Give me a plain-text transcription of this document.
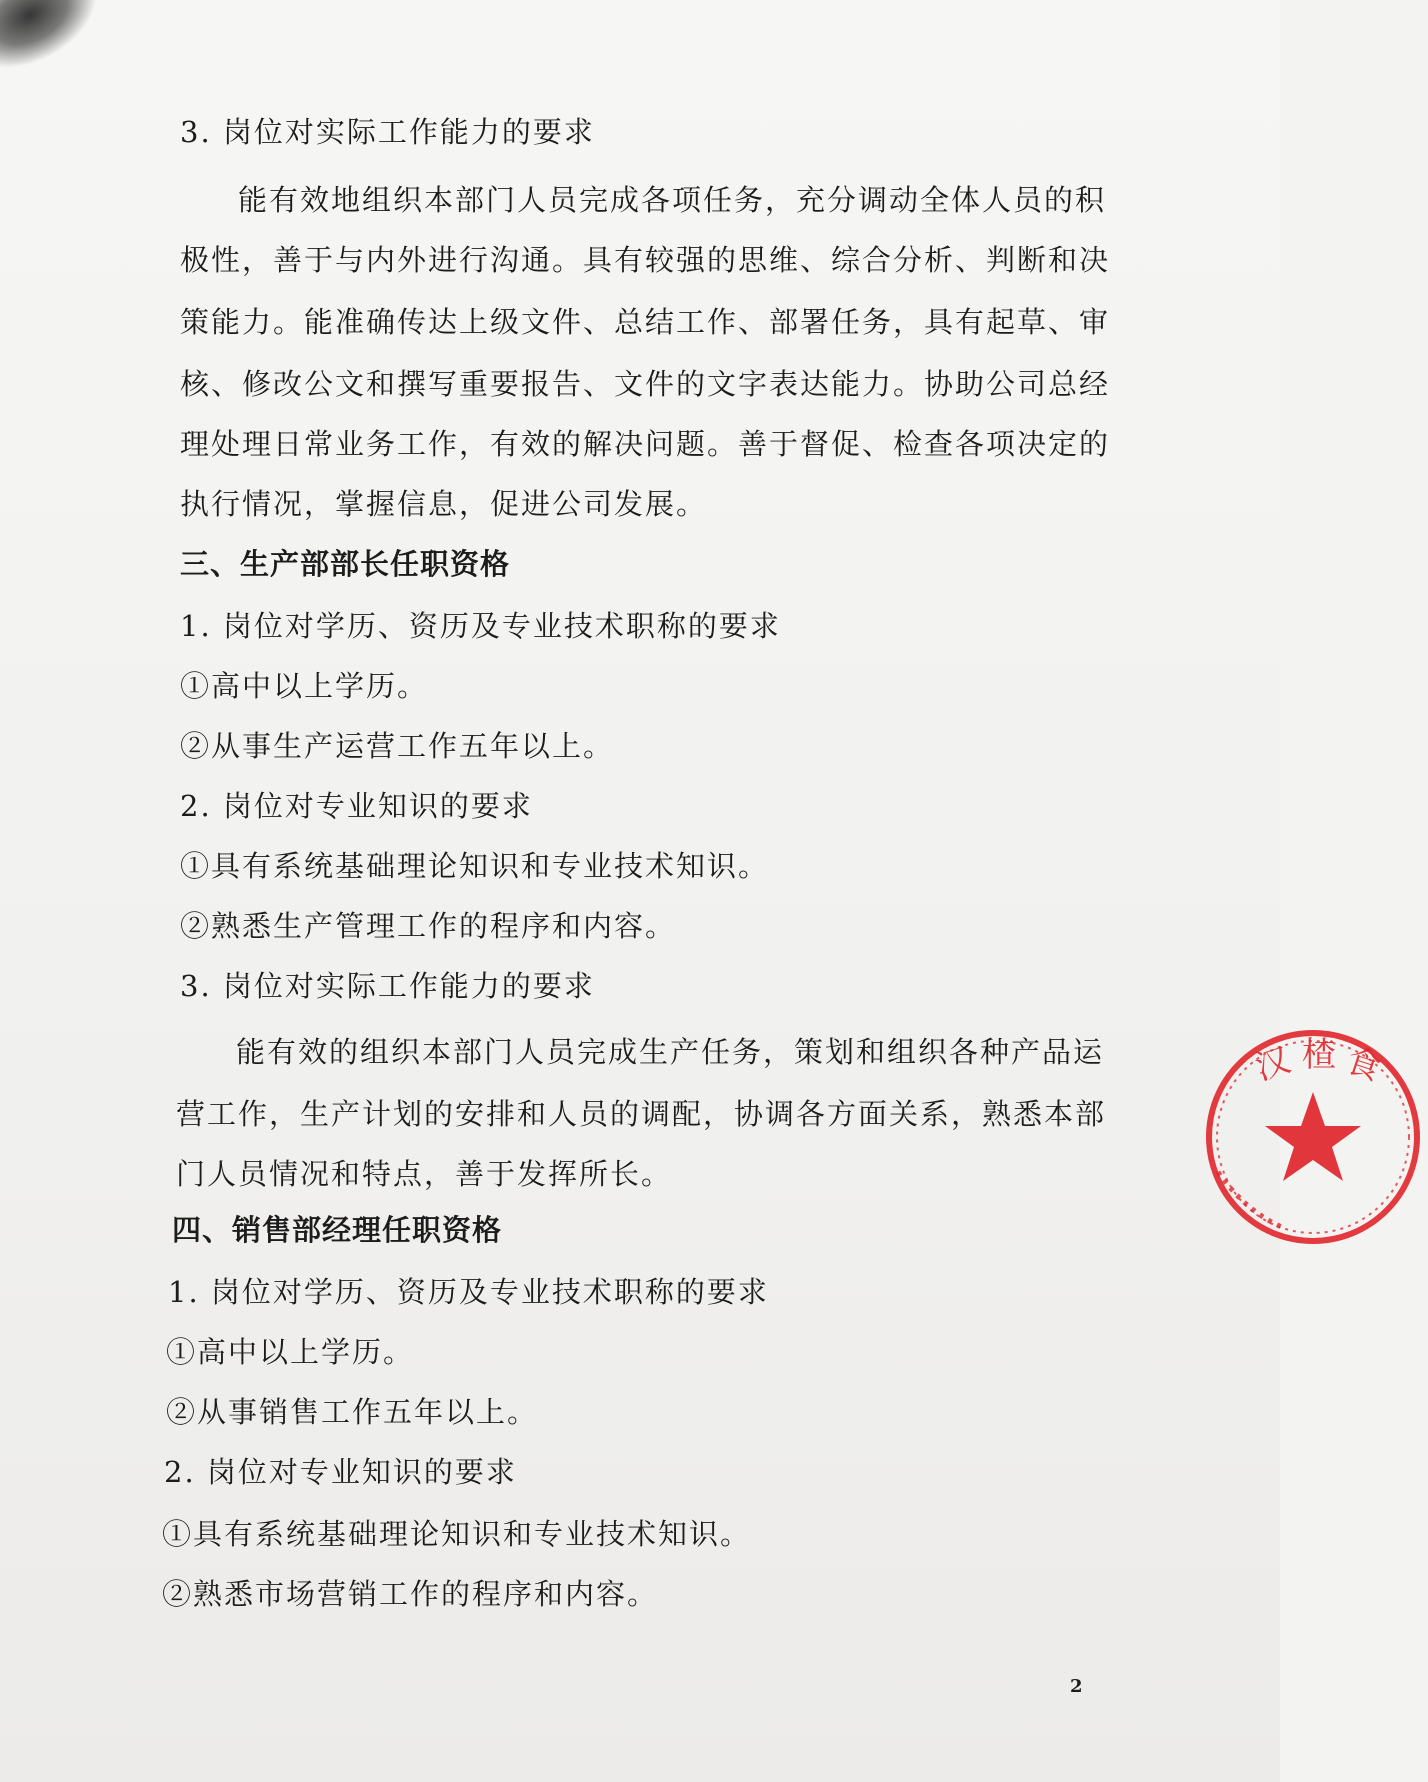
3. 岗位对实际工作能力的要求
能有效地组织本部门人员完成各项任务，充分调动全体人员的积
极性，善于与内外进行沟通。具有较强的思维、综合分析、判断和决
策能力。能准确传达上级文件、总结工作、部署任务，具有起草、审
核、修改公文和撰写重要报告、文件的文字表达能力。协助公司总经
理处理日常业务工作，有效的解决问题。善于督促、检查各项决定的
执行情况，掌握信息，促进公司发展。
三、生产部部长任职资格
1. 岗位对学历、资历及专业技术职称的要求
①高中以上学历。
②从事生产运营工作五年以上。
2. 岗位对专业知识的要求
①具有系统基础理论知识和专业技术知识。
②熟悉生产管理工作的程序和内容。
3. 岗位对实际工作能力的要求
能有效的组织本部门人员完成生产任务，策划和组织各种产品运
营工作，生产计划的安排和人员的调配，协调各方面关系，熟悉本部
门人员情况和特点，善于发挥所长。
四、销售部经理任职资格
1. 岗位对学历、资历及专业技术职称的要求
①高中以上学历。
②从事销售工作五年以上。
2. 岗位对专业知识的要求
①具有系统基础理论知识和专业技术知识。
②熟悉市场营销工作的程序和内容。
2
汉 楂 食
